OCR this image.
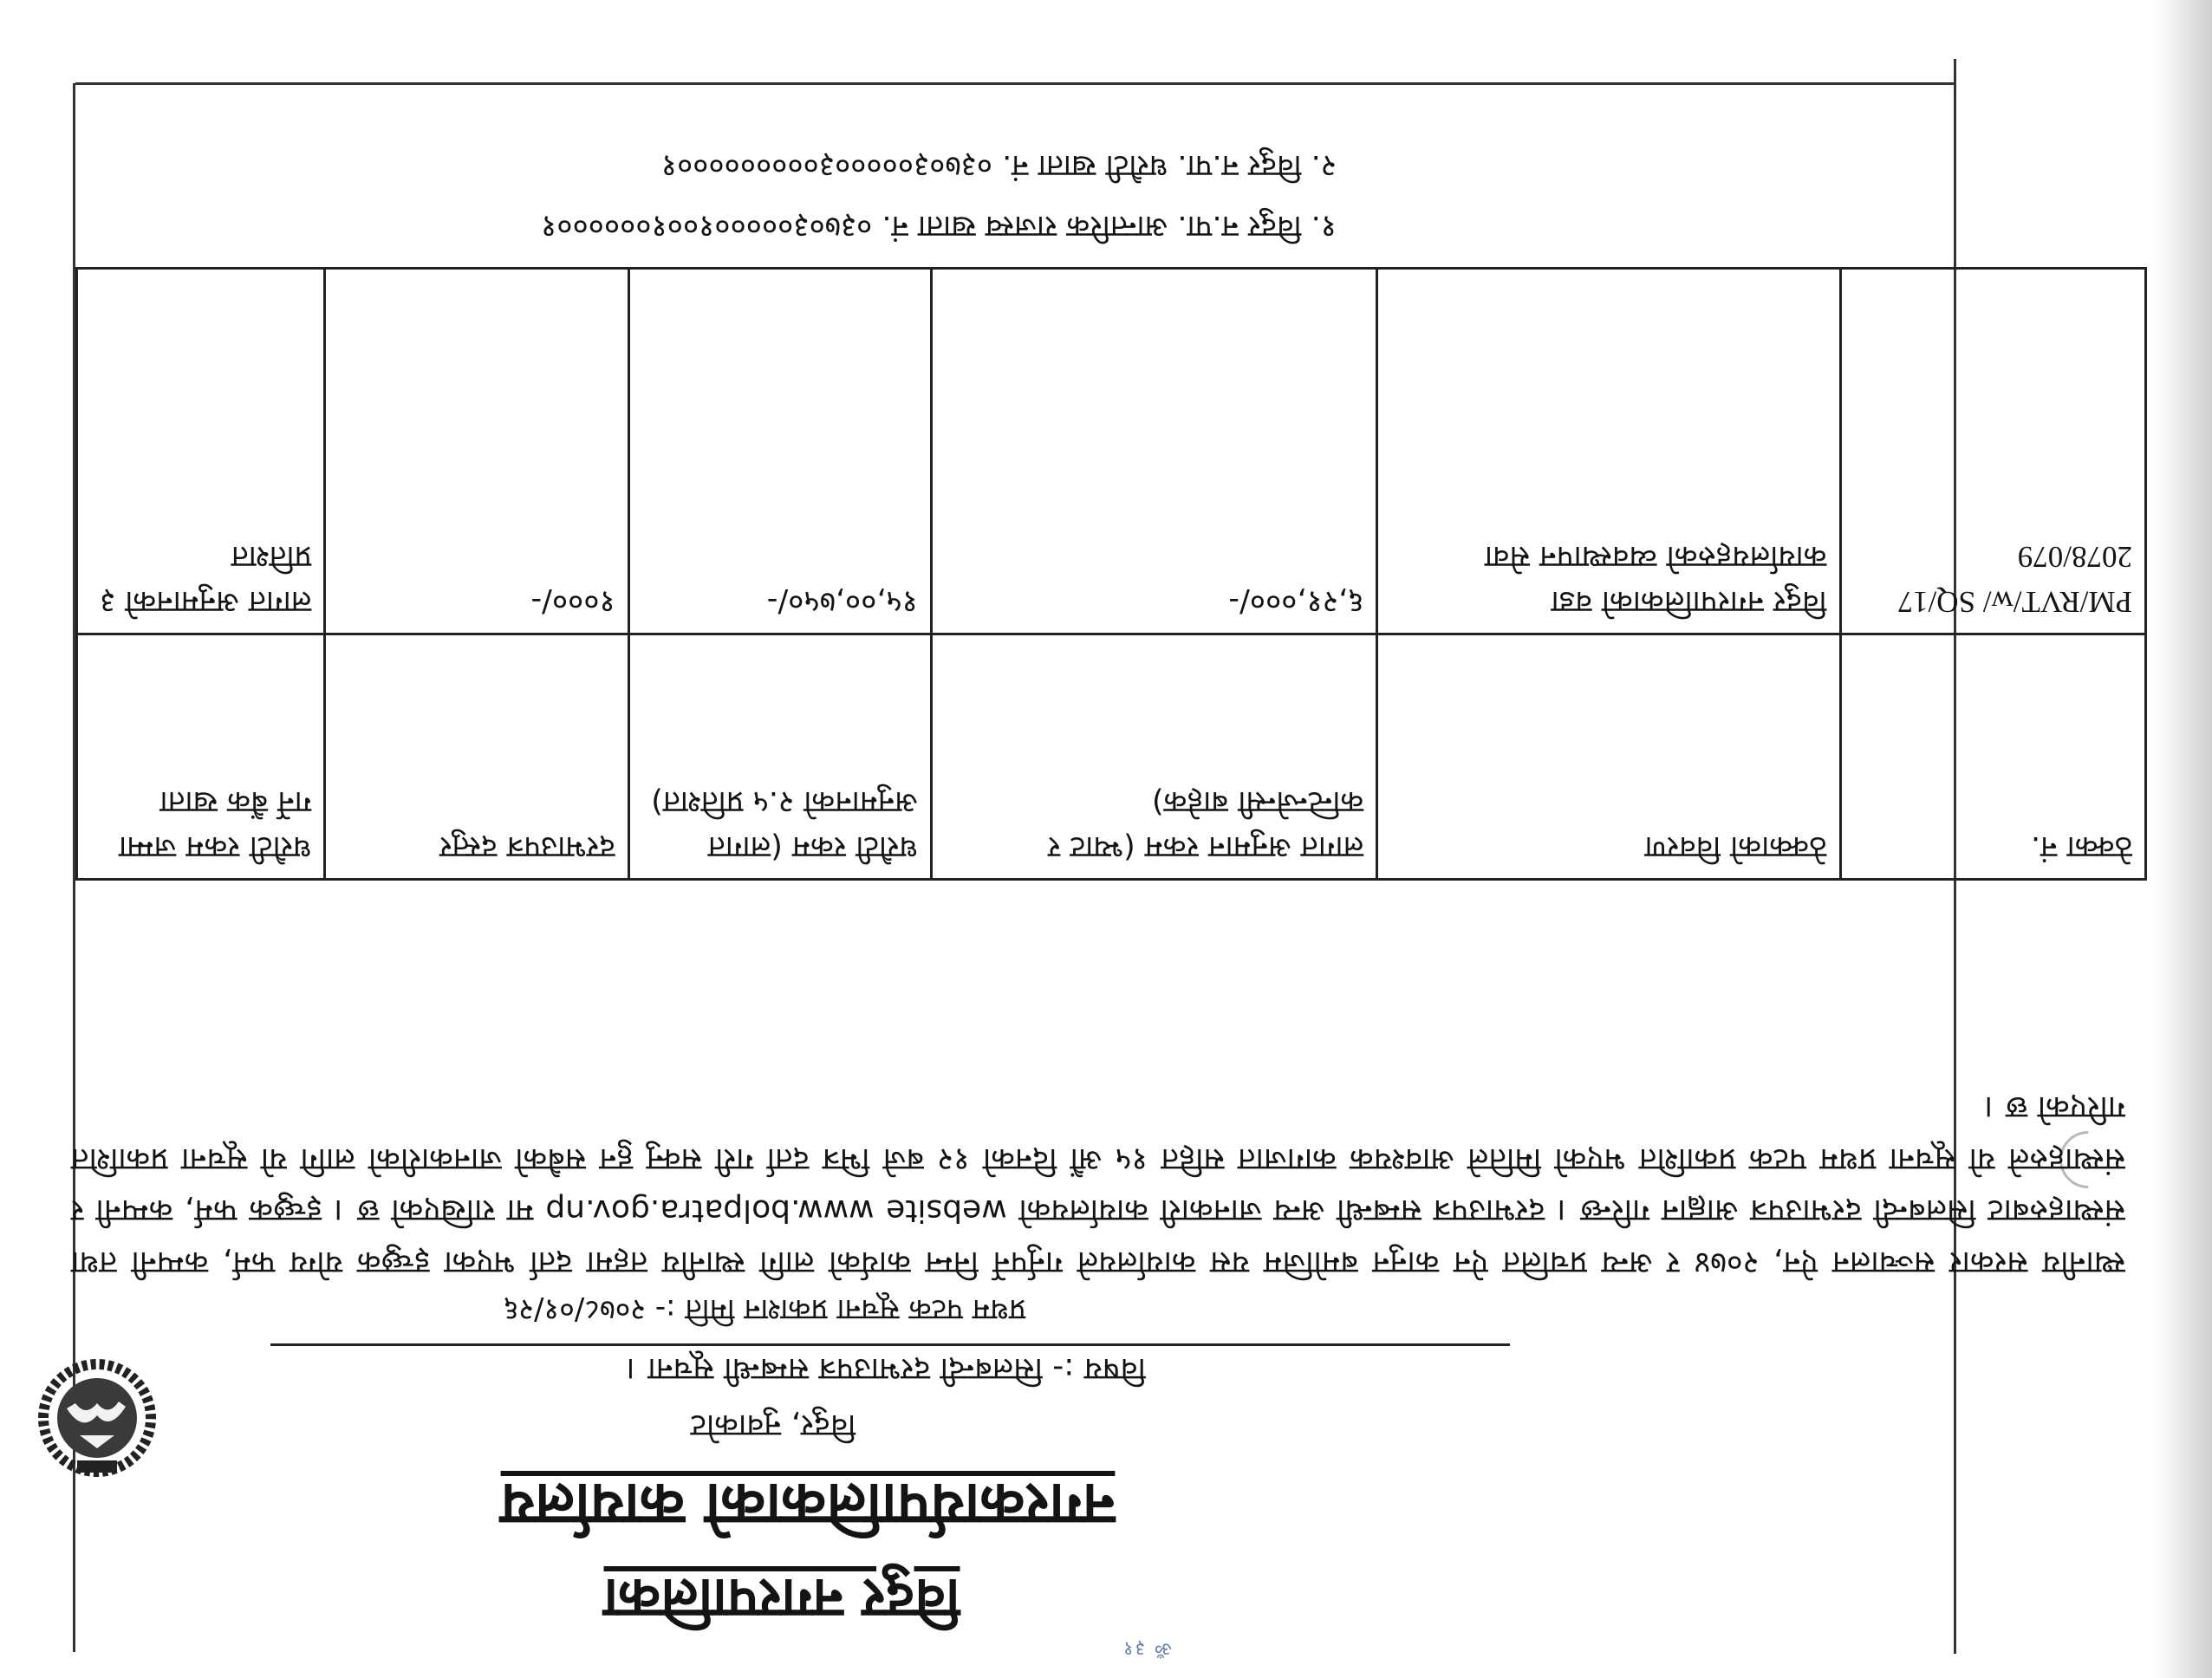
ॐ ३१
विदुर नगरपालिका
नगरकार्यपालिकाको कार्यालय
विदुर, नुवाकोट
विषय :- सिलबन्दी दरभाउपत्र सम्बन्धी सूचना ।
प्रथम पटक सूचना प्रकाशन मिति :- २०७८/०१/२६
स्थानीय सरकार सञ्चालन ऐन, २०७४ र अन्य प्रचलित ऐन कानुन बमोजिम यस कार्यालयले गर्नुपर्ने निम्न कार्यको लागि स्थानीय तहमा दर्ता भएका इच्छुक योग्य फर्म, कम्पनी तथा संस्थाहरुबाट सिलबन्दी दरभाउपत्र आह्वान गरिन्छ । दरभाउपत्र सम्बन्धी अन्य जानकारी कार्यालयको website www.bolpatra.gov.np मा राखिएको छ । इच्छुक फर्म, कम्पनी र संस्थाहरुले यो सूचना प्रथम पटक प्रकाशित भएको मितिले आवश्यक कागजात सहित १५ औं दिनको १२ बजे भित्र दर्ता गरी सक्नु हुन सबैको जानकारीको लागि यो सूचना प्रकाशित गरिएको छ ।
ठेक्का नं.	ठेक्काको विवरण	लागत अनुमान रकम (भ्याट र कन्टिन्जेन्सी बाहेक)	धरौटी रकम (लागत अनुमानको २.५ प्रतिशत)	दरभाउपत्र दस्तुर	धरौटी रकम जम्मा गर्ने बैंक खाता
PM/RVT/w/ SQ/17 2078/079	विदुर नगरपालिकाको वडा कार्यालयहरुको व्यवस्थापन सेवा	६,२१,०००/-	१५,००,७५०/-	१०००/-	लागत अनुमानको ३ प्रतिशत
१. विदुर न.पा. आन्तरिक राजस्व खाता नं. ०३७०३०००००१००१००००००१
२. विदुर न.पा. धरौटी खाता नं. ०३७०३०००००३०००००००००१
